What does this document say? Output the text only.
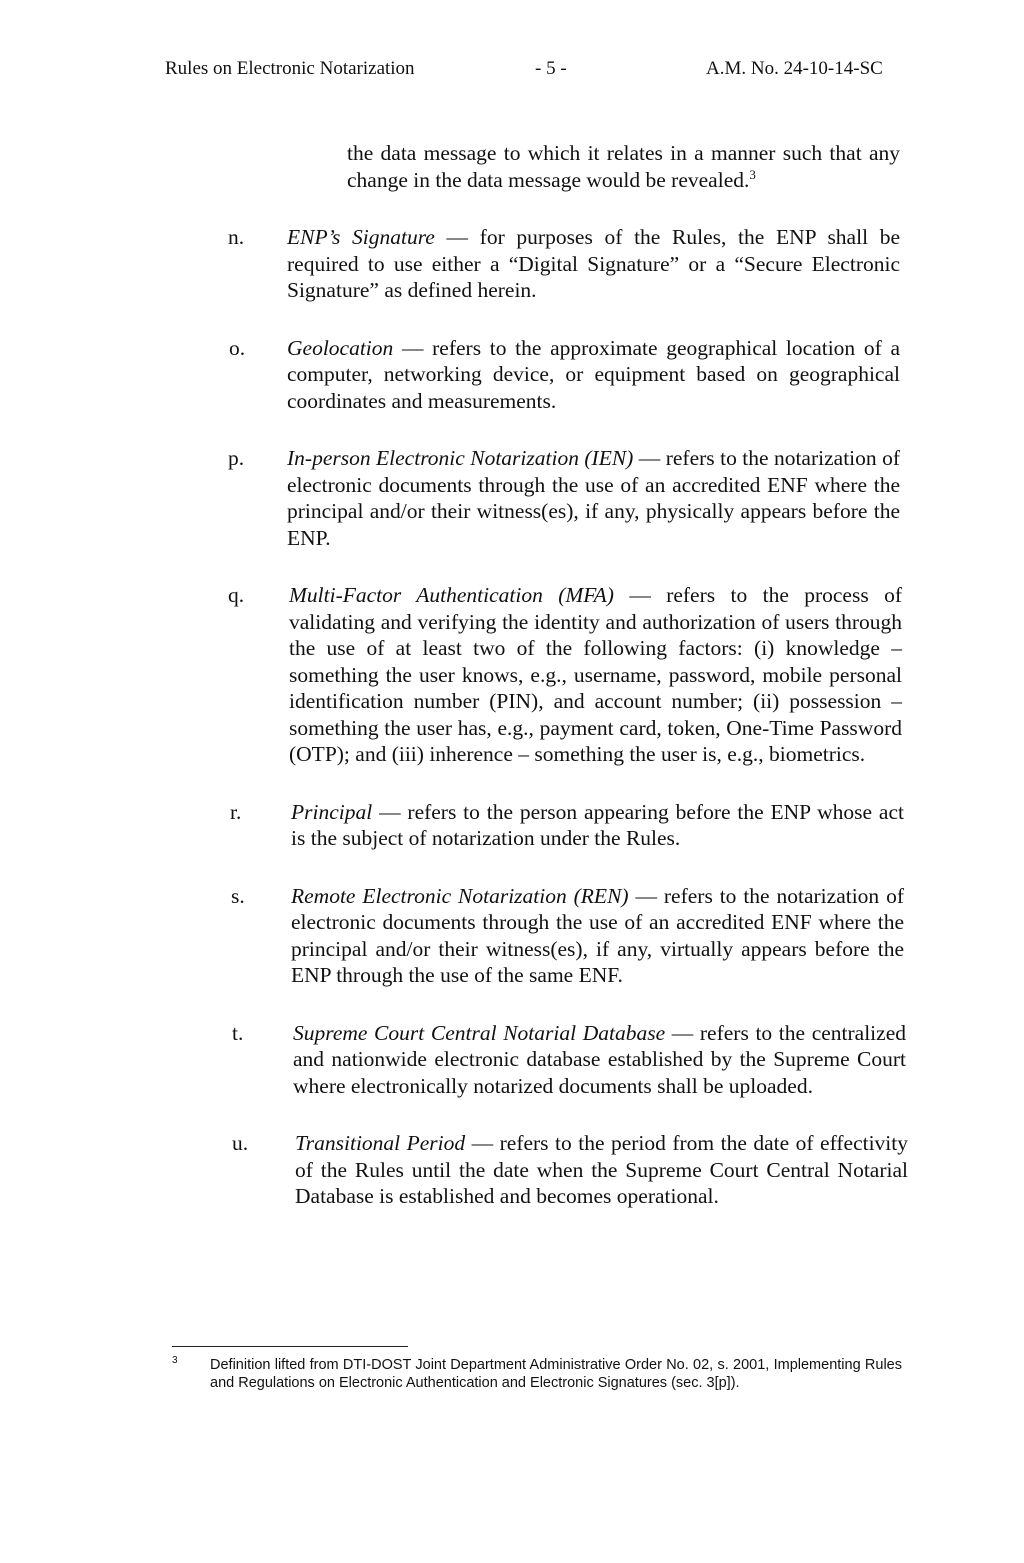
Rules on Electronic Notarization	- 5 -	A.M. No. 24-10-14-SC
the data message to which it relates in a manner such that any change in the data message would be revealed.$^3$
n. ENP’s Signature — for purposes of the Rules, the ENP shall be required to use either a “Digital Signature” or a “Secure Electronic Signature” as defined herein.
o. Geolocation — refers to the approximate geographical location of a computer, networking device, or equipment based on geographical coordinates and measurements.
p. In-person Electronic Notarization (IEN) — refers to the notarization of electronic documents through the use of an accredited ENF where the principal and/or their witness(es), if any, physically appears before the ENP.
q. Multi-Factor Authentication (MFA) — refers to the process of validating and verifying the identity and authorization of users through the use of at least two of the following factors: (i) knowledge – something the user knows, e.g., username, password, mobile personal identification number (PIN), and account number; (ii) possession – something the user has, e.g., payment card, token, One-Time Password (OTP); and (iii) inherence – something the user is, e.g., biometrics.
r. Principal — refers to the person appearing before the ENP whose act is the subject of notarization under the Rules.
s. Remote Electronic Notarization (REN) — refers to the notarization of electronic documents through the use of an accredited ENF where the principal and/or their witness(es), if any, virtually appears before the ENP through the use of the same ENF.
t. Supreme Court Central Notarial Database — refers to the centralized and nationwide electronic database established by the Supreme Court where electronically notarized documents shall be uploaded.
u. Transitional Period — refers to the period from the date of effectivity of the Rules until the date when the Supreme Court Central Notarial Database is established and becomes operational.
3 Definition lifted from DTI-DOST Joint Department Administrative Order No. 02, s. 2001, Implementing Rules and Regulations on Electronic Authentication and Electronic Signatures (sec. 3[p]).
